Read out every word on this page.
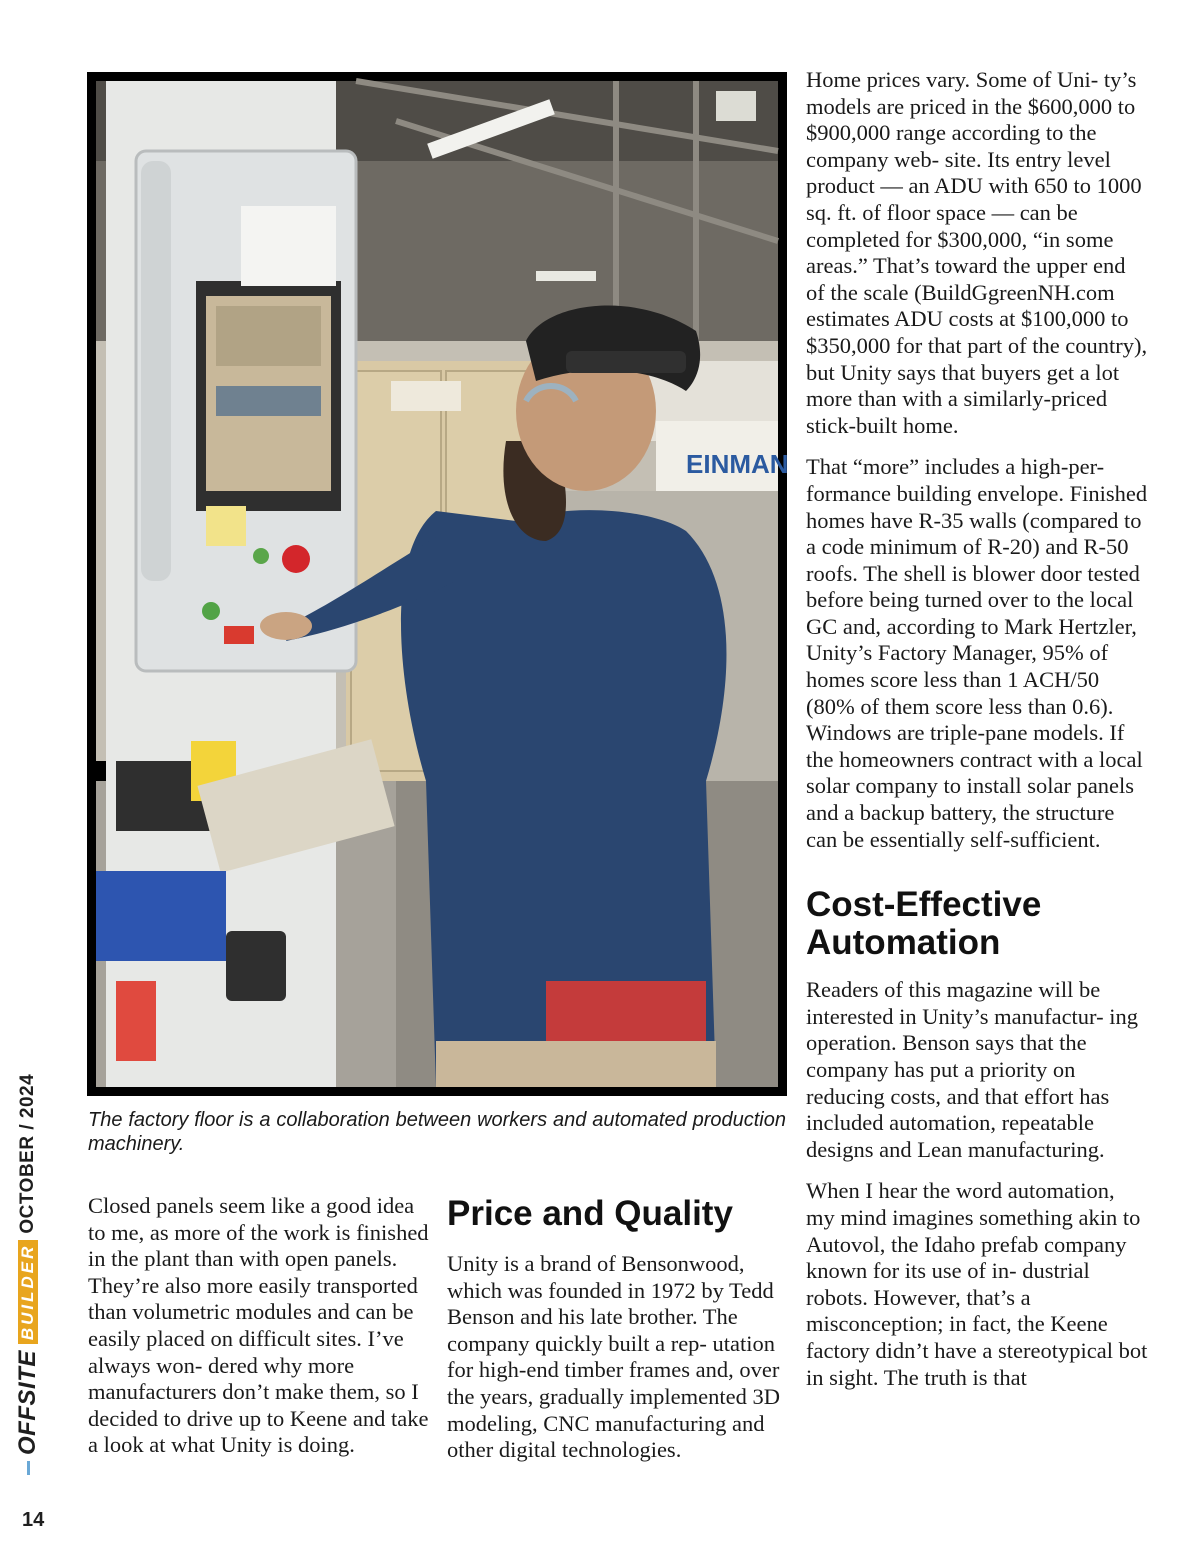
EINMAN

The factory floor is a collaboration between workers and automated production machinery.

Home prices vary. Some of Uni- ty’s models are priced in the $600,000 to $900,000 range according to the company web- site. Its entry level product — an ADU with 650 to 1000 sq. ft. of floor space — can be completed for $300,000, “in some areas.” That’s toward the upper end of the scale (BuildGgreenNH.com estimates ADU costs at $100,000 to $350,000 for that part of the country), but Unity says that buyers get a lot more than with a similarly-priced stick-built home.

That “more” includes a high-per- formance building envelope. Finished homes have R-35 walls (compared to a code minimum of R-20) and R-50 roofs. The shell is blower door tested before being turned over to the local GC and, according to Mark Hertzler, Unity’s Factory Manager, 95% of homes score less than 1 ACH/50 (80% of them score less than 0.6). Windows are triple-pane models. If the homeowners contract with a local solar company to install solar panels and a backup battery, the structure can be essentially self-sufficient.

Cost-Effective Automation

Readers of this magazine will be interested in Unity’s manufactur- ing operation. Benson says that the company has put a priority on reducing costs, and that effort has included automation, repeatable designs and Lean manufacturing.

When I hear the word automation, my mind imagines something akin to Autovol, the Idaho prefab company known for its use of in- dustrial robots. However, that’s a misconception; in fact, the Keene factory didn’t have a stereotypical bot in sight. The truth is that

Closed panels seem like a good idea to me, as more of the work is finished in the plant than with open panels. They’re also more easily transported than volumetric modules and can be easily placed on difficult sites. I’ve always won- dered why more manufacturers don’t make them, so I decided to drive up to Keene and take a look at what Unity is doing.

Price and Quality

Unity is a brand of Bensonwood, which was founded in 1972 by Tedd Benson and his late brother. The company quickly built a rep- utation for high-end timber frames and, over the years, gradually implemented 3D modeling, CNC manufacturing and other digital technologies.

OFFSITE
BUILDER
OCTOBER / 2024
14
